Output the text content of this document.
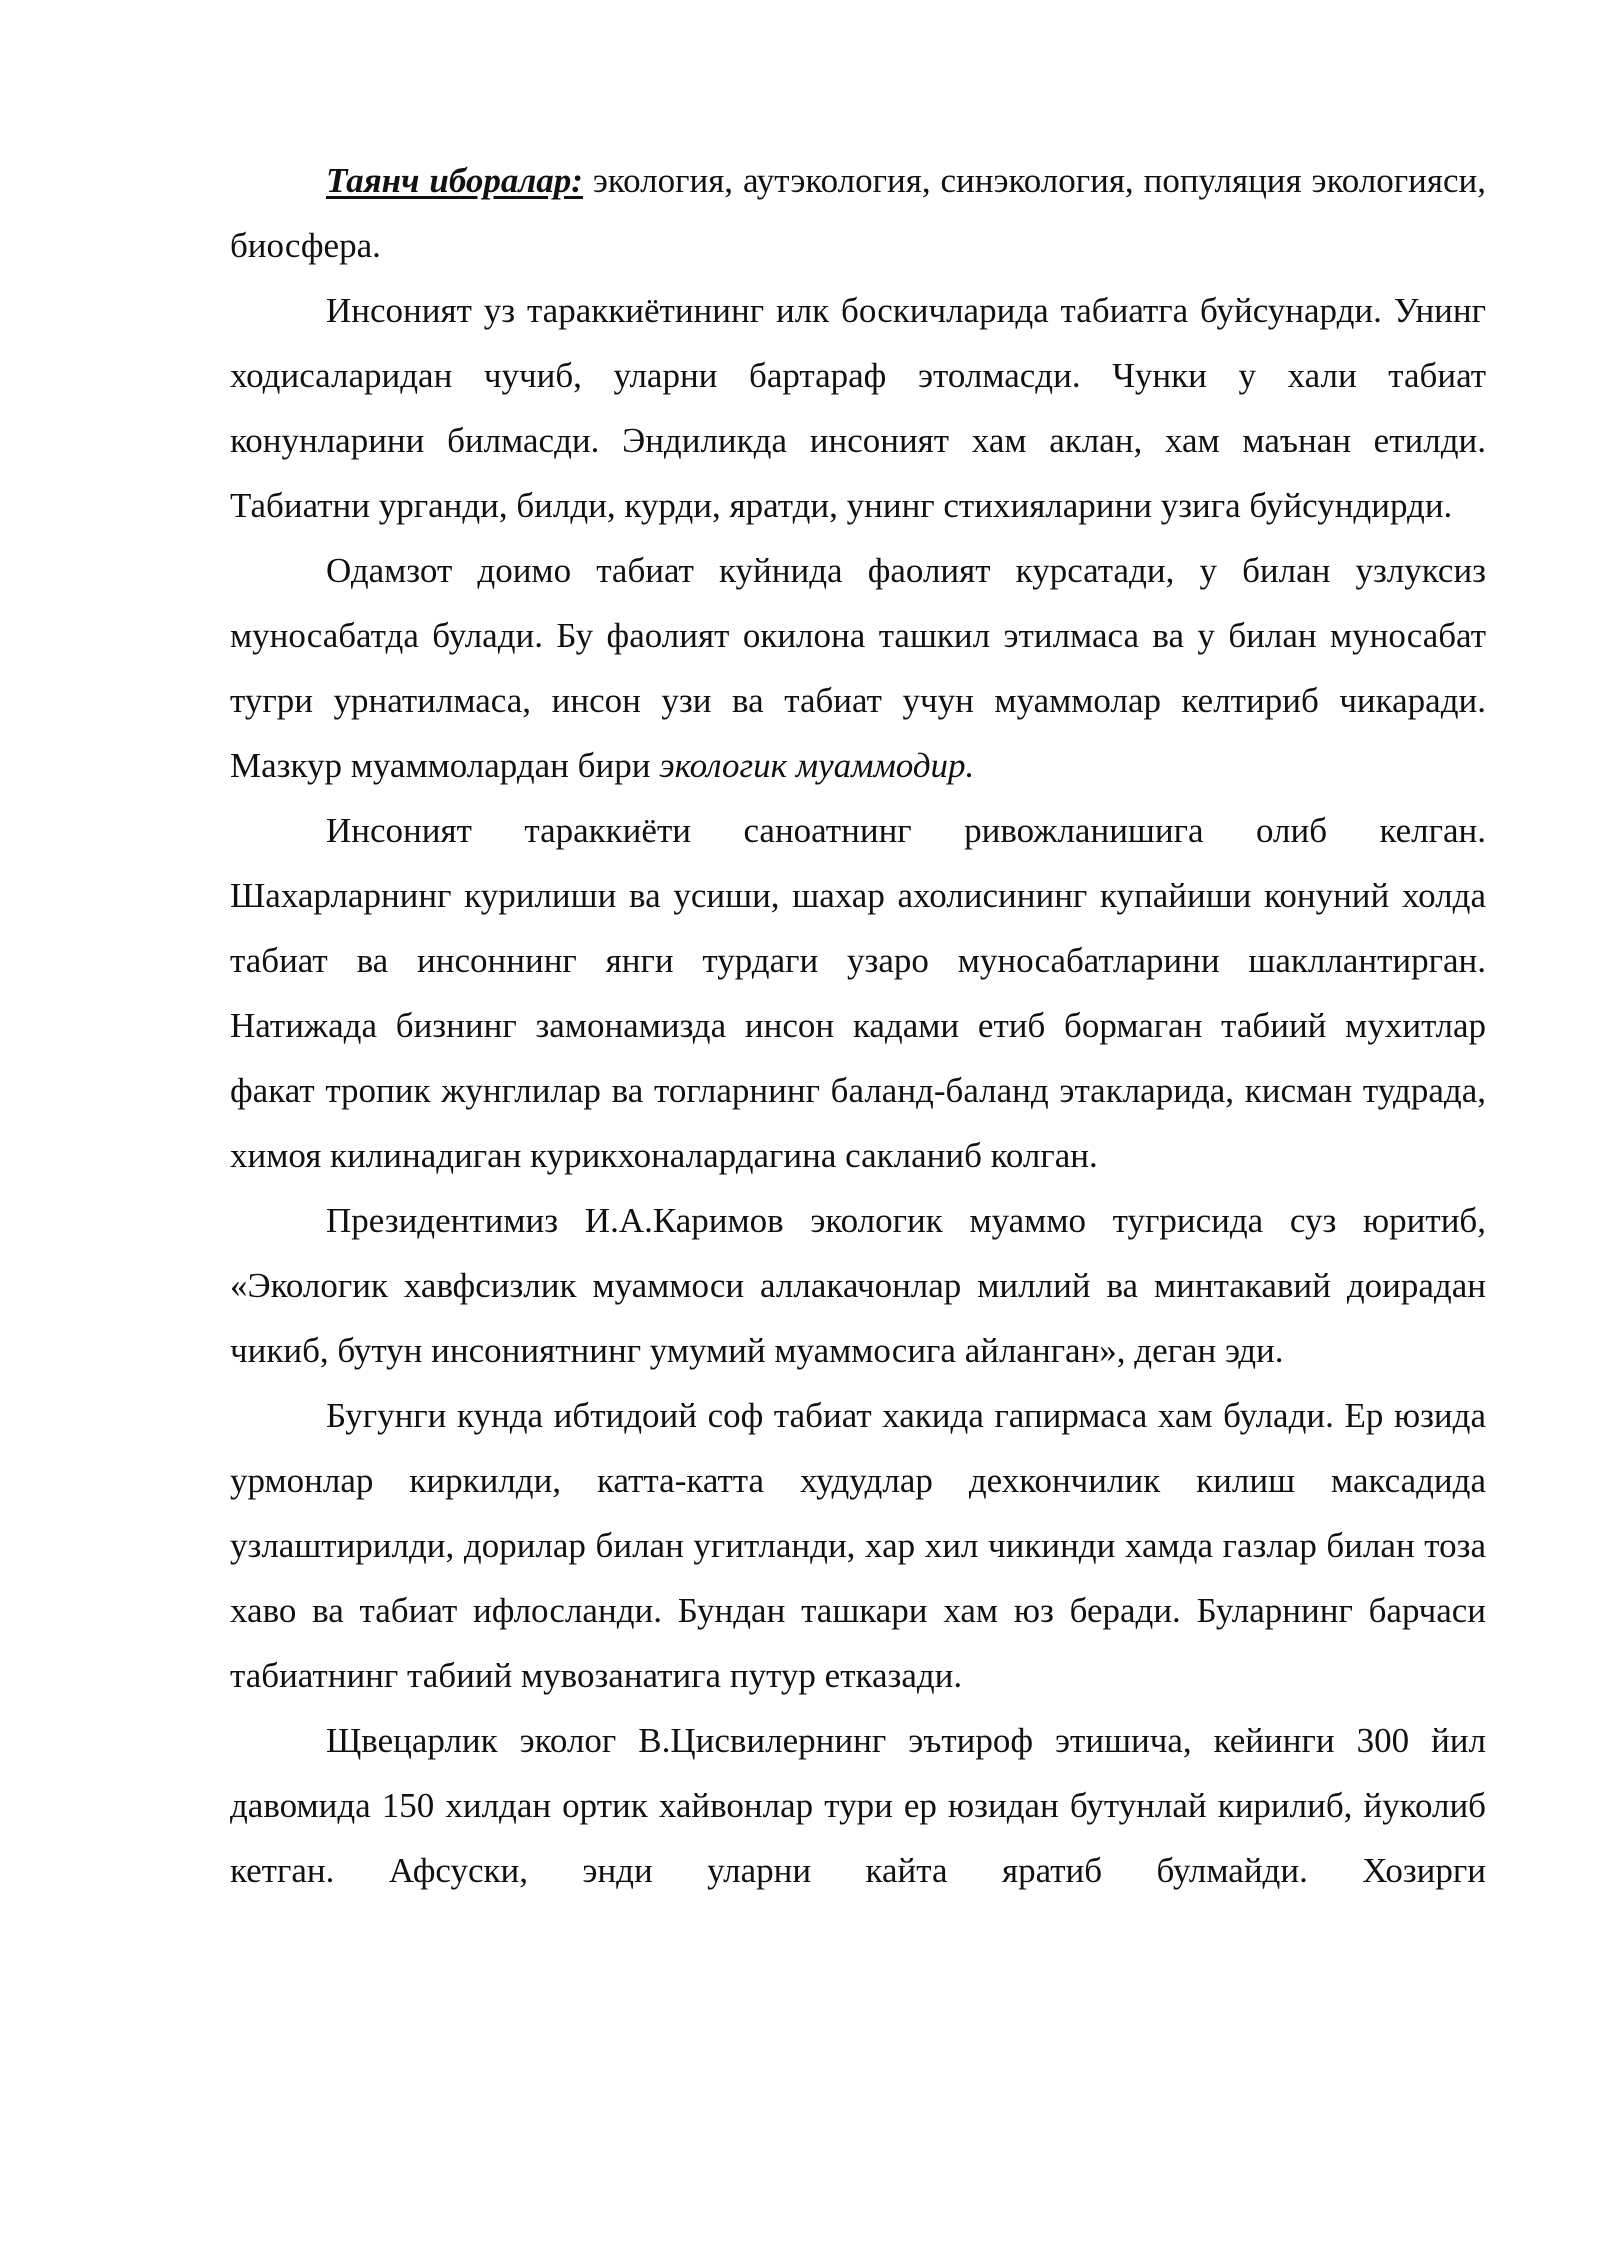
Таянч иборалар: экология, аутэкология, синэкология, популяция экологияси, биосфера.

Инсоният уз тараккиётининг илк боскичларида табиатга буйсунарди. Унинг ходисаларидан чучиб, уларни бартараф этолмасди. Чунки у хали табиат конунларини билмасди. Эндиликда инсоният хам аклан, хам маънан етилди. Табиатни урганди, билди, курди, яратди, унинг стихияларини узига буйсундирди.

Одамзот доимо табиат куйнида фаолият курсатади, у билан узлуксиз муносабатда булади. Бу фаолият окилона ташкил этилмаса ва у билан муносабат тугри урнатилмаса, инсон узи ва табиат учун муаммолар келтириб чикаради. Мазкур муаммолардан бири экологик муаммодир.

Инсоният тараккиёти саноатнинг ривожланишига олиб келган. Шахарларнинг курилиши ва усиши, шахар ахолисининг купайиши конуний холда табиат ва инсоннинг янги турдаги узаро муносабатларини шакллантирган. Натижада бизнинг замонамизда инсон кадами етиб бормаган табиий мухитлар факат тропик жунглилар ва тогларнинг баланд-баланд этакларида, кисман тудрада, химоя килинадиган курикхоналардагина сакланиб колган.

Президентимиз И.А.Каримов экологик муаммо тугрисида суз юритиб, «Экологик хавфсизлик муаммоси аллакачонлар миллий ва минтакавий доирадан чикиб, бутун инсониятнинг умумий муаммосига айланган», деган эди.

Бугунги кунда ибтидоий соф табиат хакида гапирмаса хам булади. Ер юзида урмонлар киркилди, катта-катта худудлар дехкончилик килиш максадида узлаштирилди, дорилар билан угитланди, хар хил чикинди хамда газлар билан тоза хаво ва табиат ифлосланди. Бундан ташкари хам юз беради. Буларнинг барчаси табиатнинг табиий мувозанатига путур етказади.

Щвецарлик эколог В.Цисвилернинг эътироф этишича, кейинги 300 йил давомида 150 хилдан ортик хайвонлар тури ер юзидан бутунлай кирилиб, йуколиб кетган. Афсуски, энди уларни кайта яратиб булмайди. Хозирги
